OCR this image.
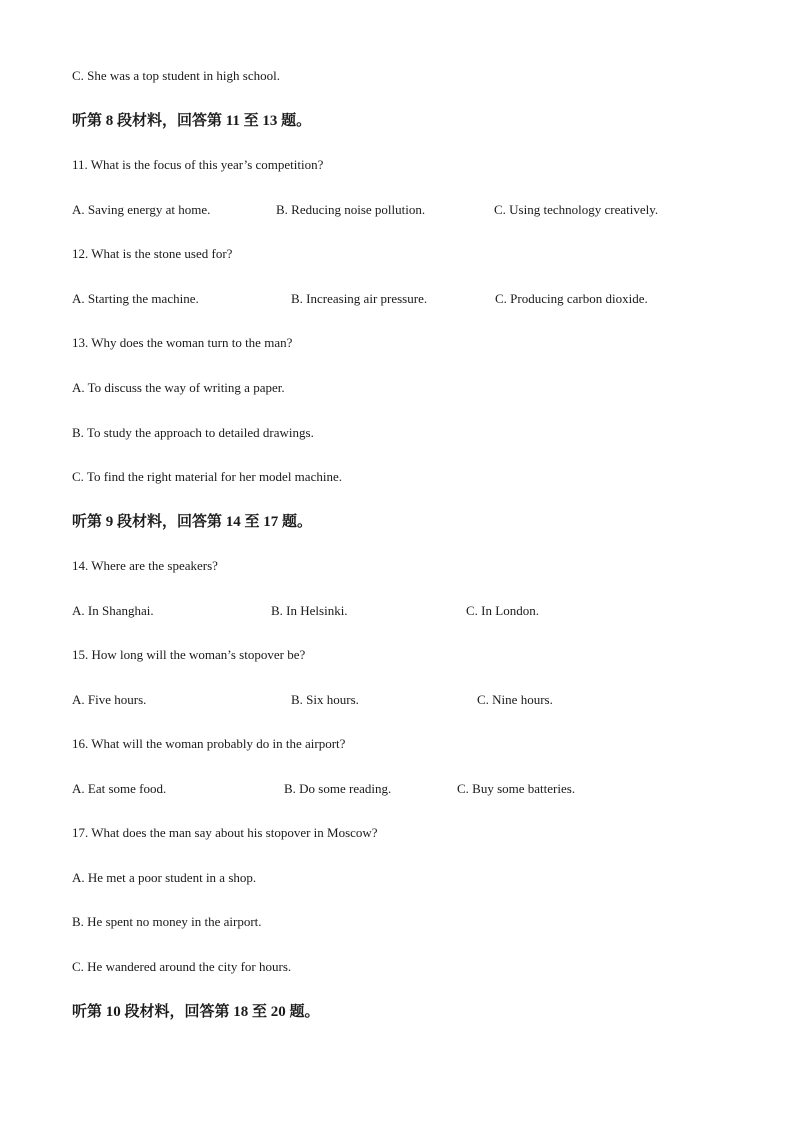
C. She was a top student in high school.
听第 8 段材料，回答第 11 至 13 题。
11. What is the focus of this year’s competition?
A. Saving energy at home.	B. Reducing noise pollution.	C. Using technology creatively.
12. What is the stone used for?
A. Starting the machine.	B. Increasing air pressure.	C. Producing carbon dioxide.
13. Why does the woman turn to the man?
A. To discuss the way of writing a paper.
B. To study the approach to detailed drawings.
C. To find the right material for her model machine.
听第 9 段材料，回答第 14 至 17 题。
14. Where are the speakers?
A. In Shanghai.	B. In Helsinki.	C. In London.
15. How long will the woman’s stopover be?
A. Five hours.	B. Six hours.	C. Nine hours.
16. What will the woman probably do in the airport?
A. Eat some food.	B. Do some reading.	C. Buy some batteries.
17. What does the man say about his stopover in Moscow?
A. He met a poor student in a shop.
B. He spent no money in the airport.
C. He wandered around the city for hours.
听第 10 段材料，回答第 18 至 20 题。
